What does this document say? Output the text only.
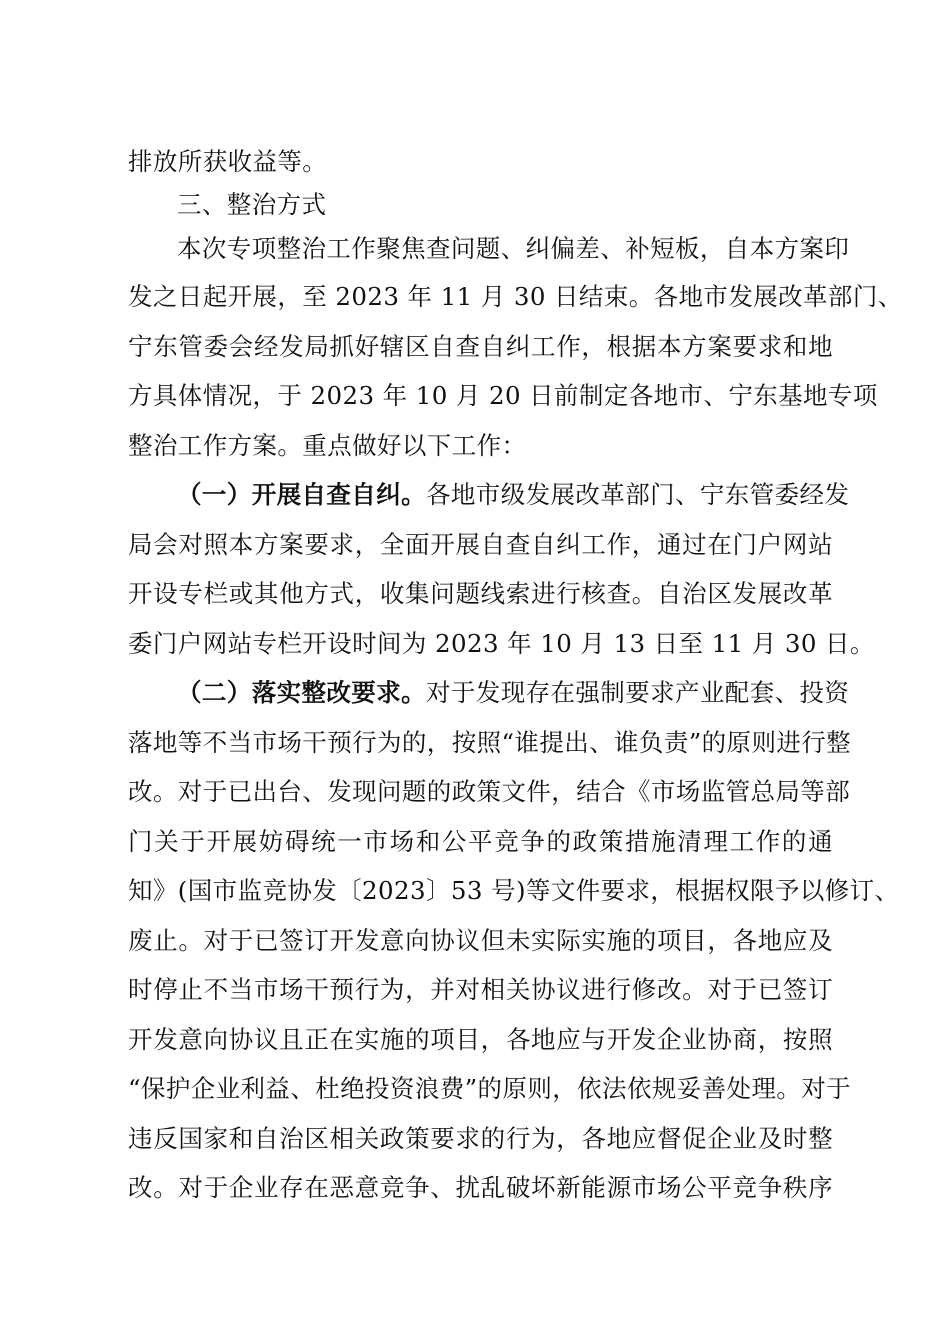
排放所获收益等。
三、整治方式
本次专项整治工作聚焦查问题、纠偏差、补短板，自本方案印
发之日起开展，至 2023 年 11 月 30 日结束。各地市发展改革部门、
宁东管委会经发局抓好辖区自查自纠工作，根据本方案要求和地
方具体情况，于 2023 年 10 月 20 日前制定各地市、宁东基地专项
整治工作方案。重点做好以下工作：
（一）开展自查自纠。各地市级发展改革部门、宁东管委经发
局会对照本方案要求，全面开展自查自纠工作，通过在门户网站
开设专栏或其他方式，收集问题线索进行核查。自治区发展改革
委门户网站专栏开设时间为 2023 年 10 月 13 日至 11 月 30 日。
（二）落实整改要求。对于发现存在强制要求产业配套、投资
落地等不当市场干预行为的，按照“谁提出、谁负责”的原则进行整
改。对于已出台、发现问题的政策文件，结合《市场监管总局等部
门关于开展妨碍统一市场和公平竞争的政策措施清理工作的通
知》(国市监竞协发〔2023〕53 号)等文件要求，根据权限予以修订、
废止。对于已签订开发意向协议但未实际实施的项目，各地应及
时停止不当市场干预行为，并对相关协议进行修改。对于已签订
开发意向协议且正在实施的项目，各地应与开发企业协商，按照
“保护企业利益、杜绝投资浪费”的原则，依法依规妥善处理。对于
违反国家和自治区相关政策要求的行为，各地应督促企业及时整
改。对于企业存在恶意竞争、扰乱破坏新能源市场公平竞争秩序
